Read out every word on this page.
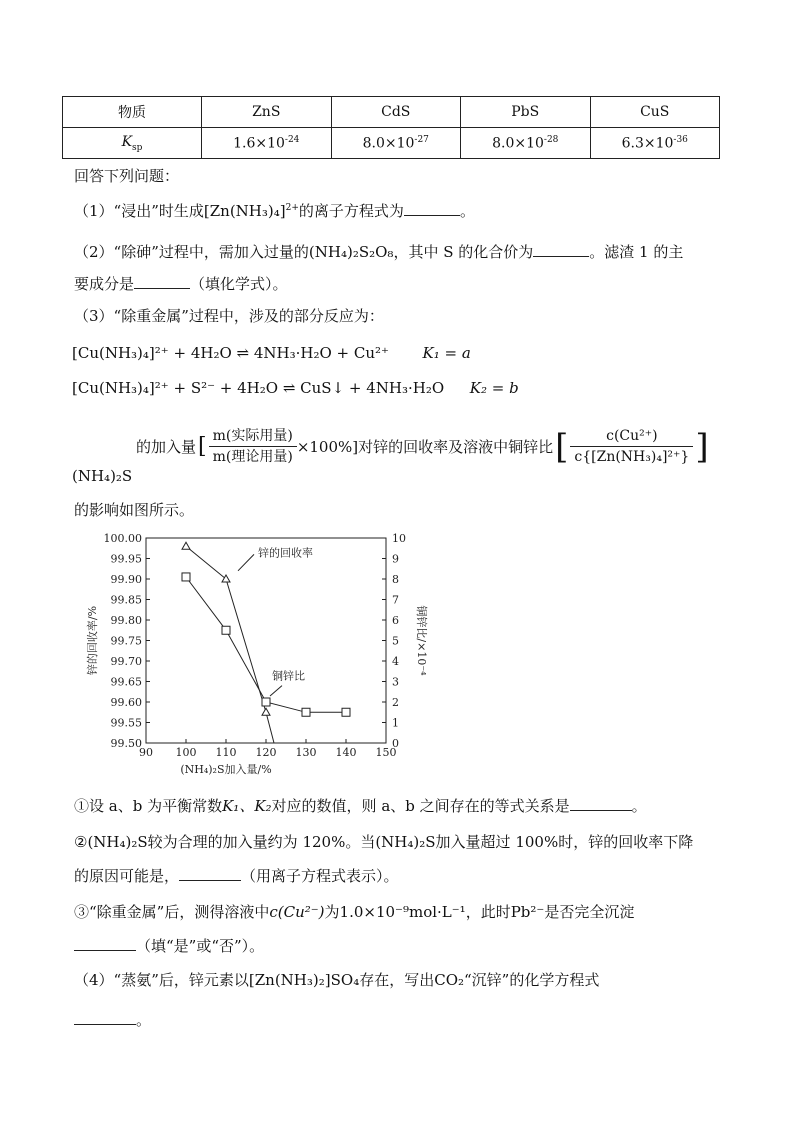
物质	ZnS	CdS	PbS	CuS
$K_{sp}$	$1.6\times 10^{-24}$	$8.0\times 10^{-27}$	$8.0\times 10^{-28}$	$6.3\times 10^{-36}$
回答下列问题：
（1）“浸出”时生成$[Zn(NH_3)_4]^{2+}$的离子方程式为	。
（2）“除砷”过程中，需加入过量的(NH₄)₂S₂O₈，其中 S 的化合价为	。滤渣 1 的主
要成分是	（填化学式）。
（3）“除重金属”过程中，涉及的部分反应为：
[Cu(NH₃)₄]²⁺ + 4H₂O ⇌ 4NH₃·H₂O + Cu²⁺ K₁ = a
[Cu(NH₃)₄]²⁺ + S²⁻ + 4H₂O ⇌ CuS↓ + 4NH₃·H₂O K₂ = b
(NH₄)₂S
的加入量 [ $\frac{\text{m(实际用量)}}{\text{m(理论用量)}} \times 100\%$]对锌的回收率及溶液中铜锌比 [ $\frac{\text{c(Cu²⁺)}}{\text{c\{[Zn(NH₃)₄]²⁺\}}}$ ]
的影响如图所示。
90 100 110 120 130 140 150
99.50
99.55
99.60
99.65
99.70
99.75
99.80
99.85
99.90
99.95
100.00
0
1
2
3
4
5
6
7
8
9
10
(NH₄)₂S加入量/%
锌的回收率/%	铜锌比/×10⁻⁴
锌的回收率
铜锌比
①设 a、b 为平衡常数K₁、K₂对应的数值，则 a、b 之间存在的等式关系是	。
②(NH₄)₂S较为合理的加入量约为 120%。当(NH₄)₂S加入量超过 100%时，锌的回收率下降
的原因可能是，	（用离子方程式表示）。
③“除重金属”后，测得溶液中c(Cu²⁻)为1.0×10⁻⁹mol·L⁻¹，此时Pb²⁻是否完全沉淀
（填“是”或“否”）。
（4）“蒸氨”后，锌元素以[Zn(NH₃)₂]SO₄存在，写出CO₂“沉锌”的化学方程式
。
